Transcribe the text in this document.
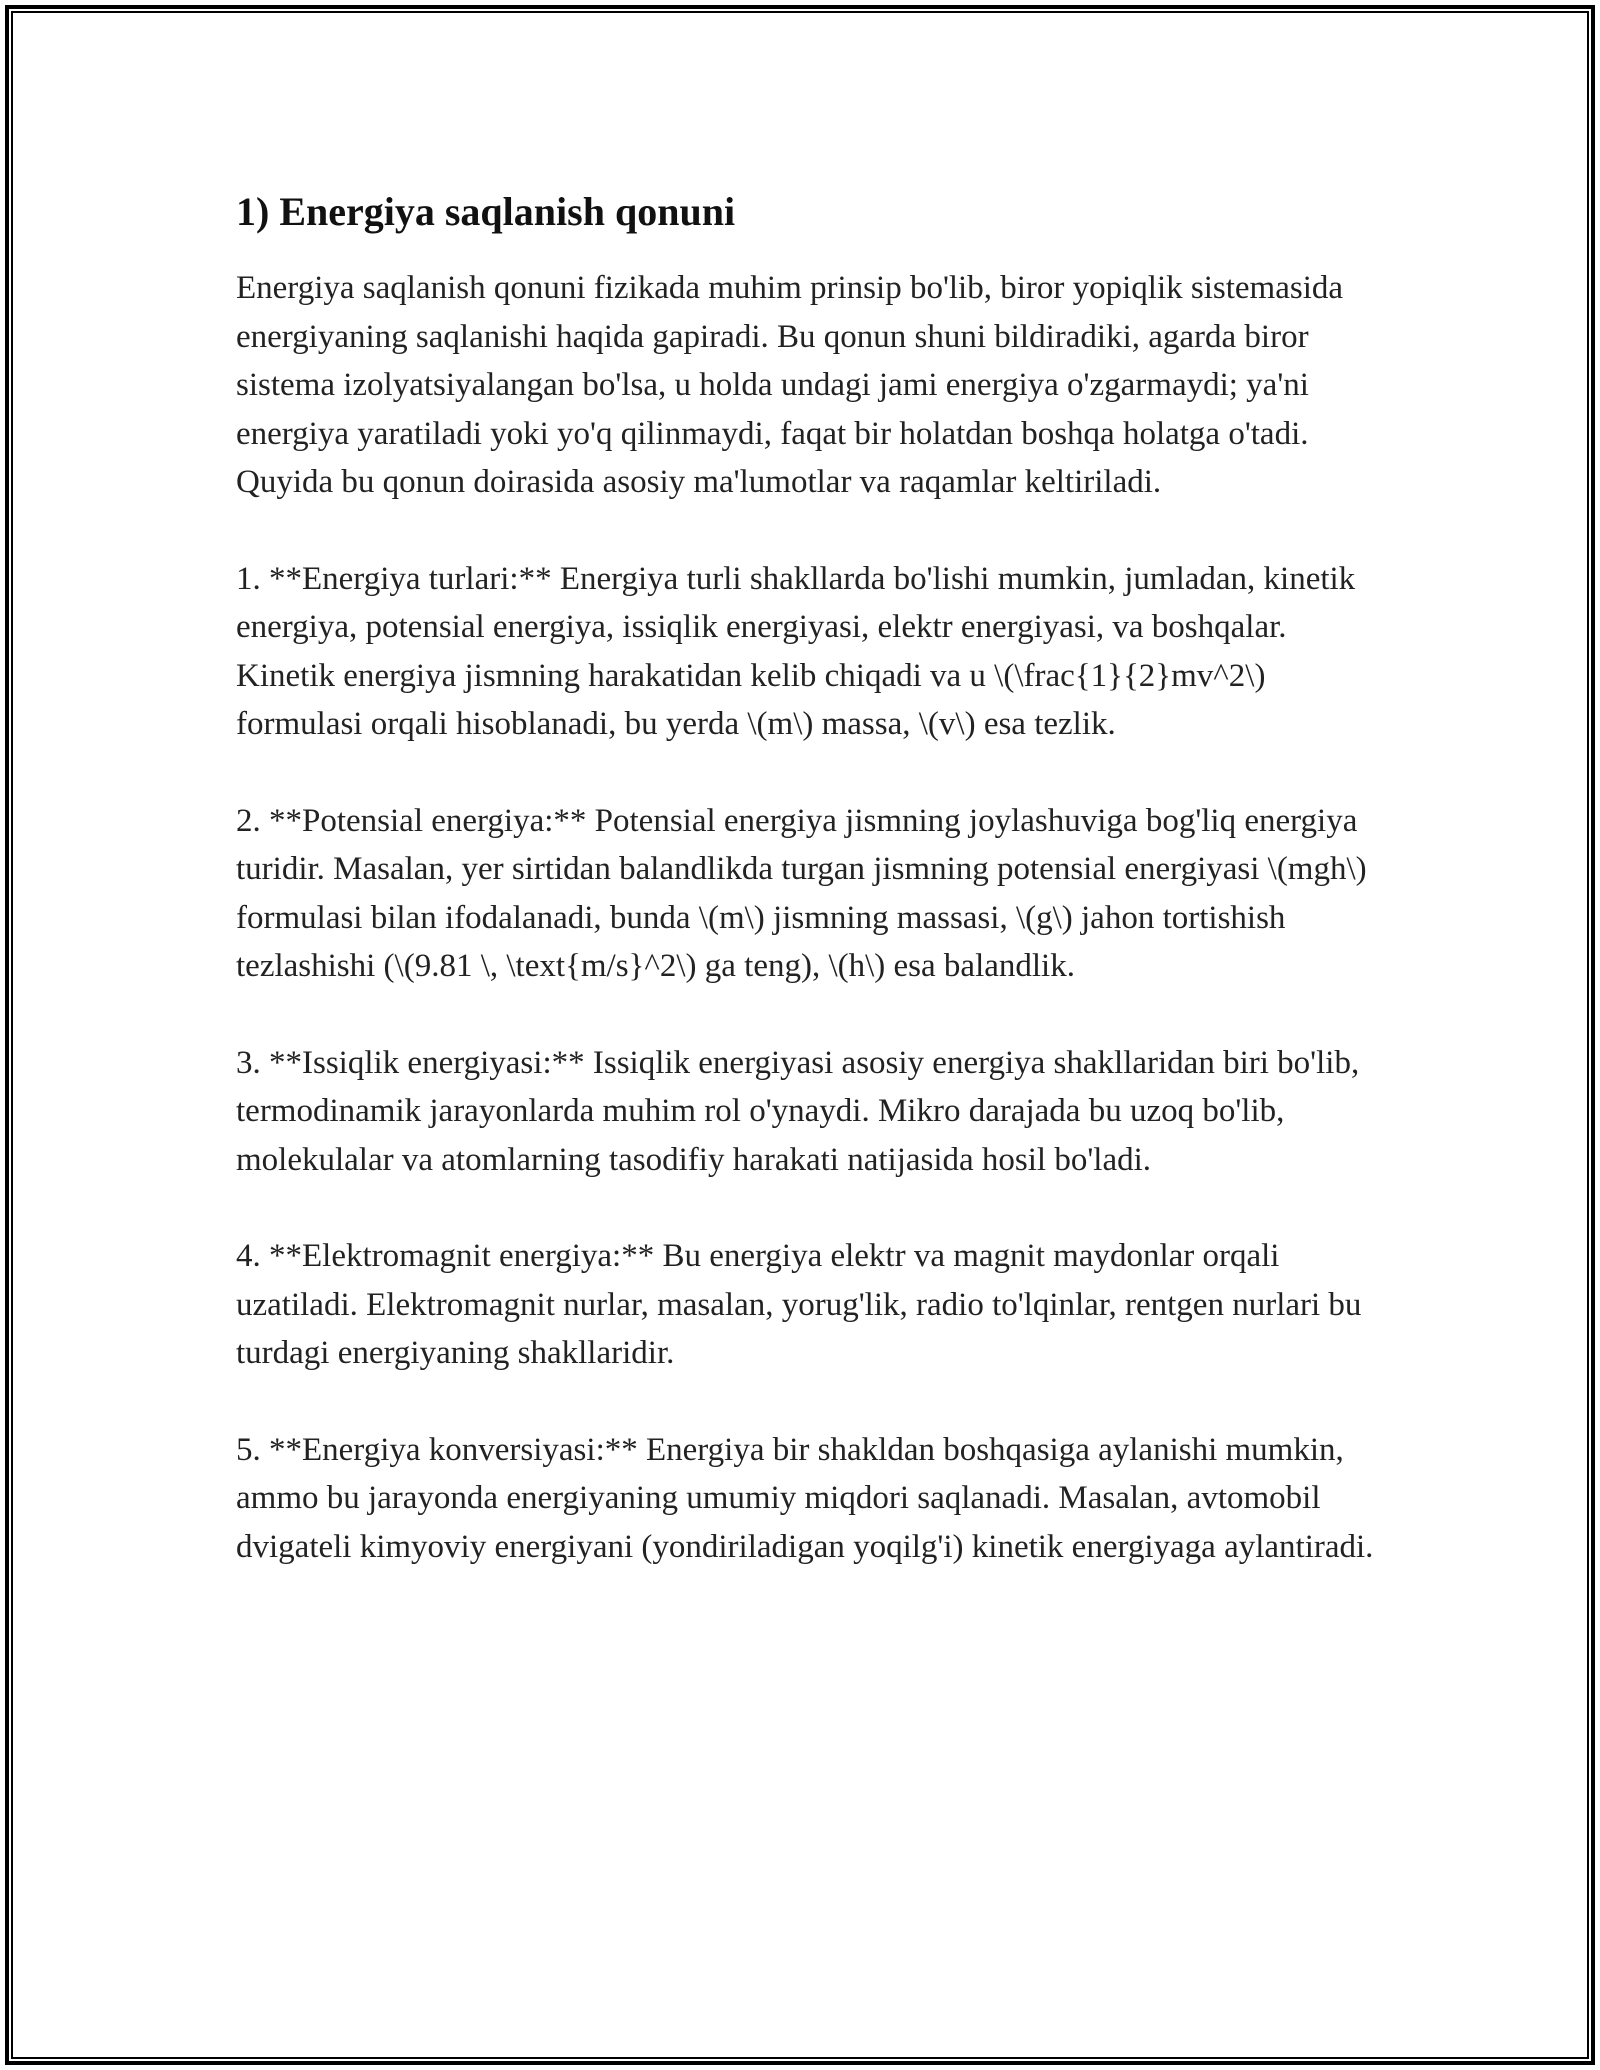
1) Energiya saqlanish qonuni

Energiya saqlanish qonuni fizikada muhim prinsip bo'lib, biror yopiqlik sistemasida energiyaning saqlanishi haqida gapiradi. Bu qonun shuni bildiradiki, agarda biror sistema izolyatsiyalangan bo'lsa, u holda undagi jami energiya o'zgarmaydi; ya'ni energiya yaratiladi yoki yo'q qilinmaydi, faqat bir holatdan boshqa holatga o'tadi. Quyida bu qonun doirasida asosiy ma'lumotlar va raqamlar keltiriladi.

1. **Energiya turlari:** Energiya turli shakllarda bo'lishi mumkin, jumladan, kinetik energiya, potensial energiya, issiqlik energiyasi, elektr energiyasi, va boshqalar. Kinetik energiya jismning harakatidan kelib chiqadi va u \(\frac{1}{2}mv^2\) formulasi orqali hisoblanadi, bu yerda \(m\) massa, \(v\) esa tezlik.

2. **Potensial energiya:** Potensial energiya jismning joylashuviga bog'liq energiya turidir. Masalan, yer sirtidan balandlikda turgan jismning potensial energiyasi \(mgh\) formulasi bilan ifodalanadi, bunda \(m\) jismning massasi, \(g\) jahon tortishish tezlashishi (\(9.81 \, \text{m/s}^2\) ga teng), \(h\) esa balandlik.

3. **Issiqlik energiyasi:** Issiqlik energiyasi asosiy energiya shakllaridan biri bo'lib, termodinamik jarayonlarda muhim rol o'ynaydi. Mikro darajada bu uzoq bo'lib, molekulalar va atomlarning tasodifiy harakati natijasida hosil bo'ladi.

4. **Elektromagnit energiya:** Bu energiya elektr va magnit maydonlar orqali uzatiladi. Elektromagnit nurlar, masalan, yorug'lik, radio to'lqinlar, rentgen nurlari bu turdagi energiyaning shakllaridir.

5. **Energiya konversiyasi:** Energiya bir shakldan boshqasiga aylanishi mumkin, ammo bu jarayonda energiyaning umumiy miqdori saqlanadi. Masalan, avtomobil dvigateli kimyoviy energiyani (yondiriladigan yoqilg'i) kinetik energiyaga aylantiradi.
